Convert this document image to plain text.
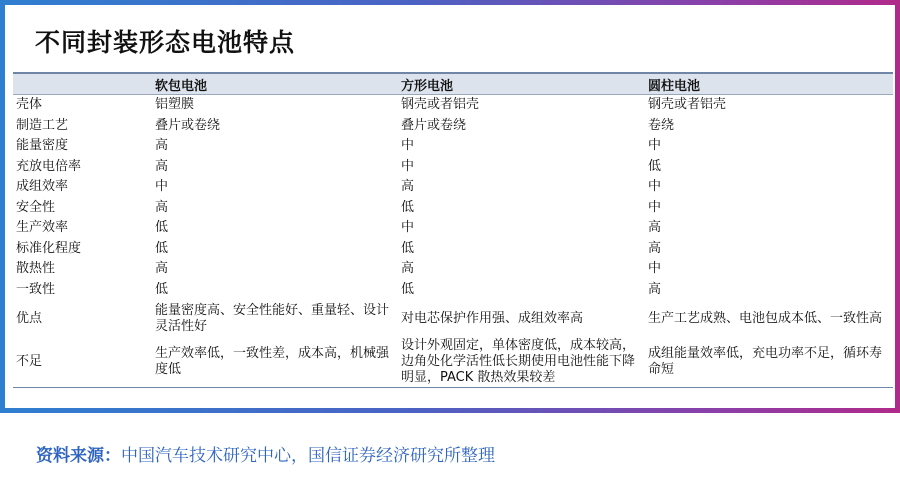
不同封装形态电池特点
	软包电池	方形电池	圆柱电池
壳体	铝塑膜	钢壳或者铝壳	钢壳或者铝壳
制造工艺	叠片或卷绕	叠片或卷绕	卷绕
能量密度	高	中	中
充放电倍率	高	中	低
成组效率	中	高	中
安全性	高	低	中
生产效率	低	中	高
标准化程度	低	低	高
散热性	高	高	中
一致性	低	低	高
优点	能量密度高、安全性能好、重量轻、设计灵活性好	对电芯保护作用强、成组效率高	生产工艺成熟、电池包成本低、一致性高
不足	生产效率低，一致性差，成本高，机械强度低	设计外观固定，单体密度低，成本较高，边角处化学活性低长期使用电池性能下降明显，PACK 散热效果较差	成组能量效率低，充电功率不足，循环寿命短
资料来源：中国汽车技术研究中心，国信证券经济研究所整理
